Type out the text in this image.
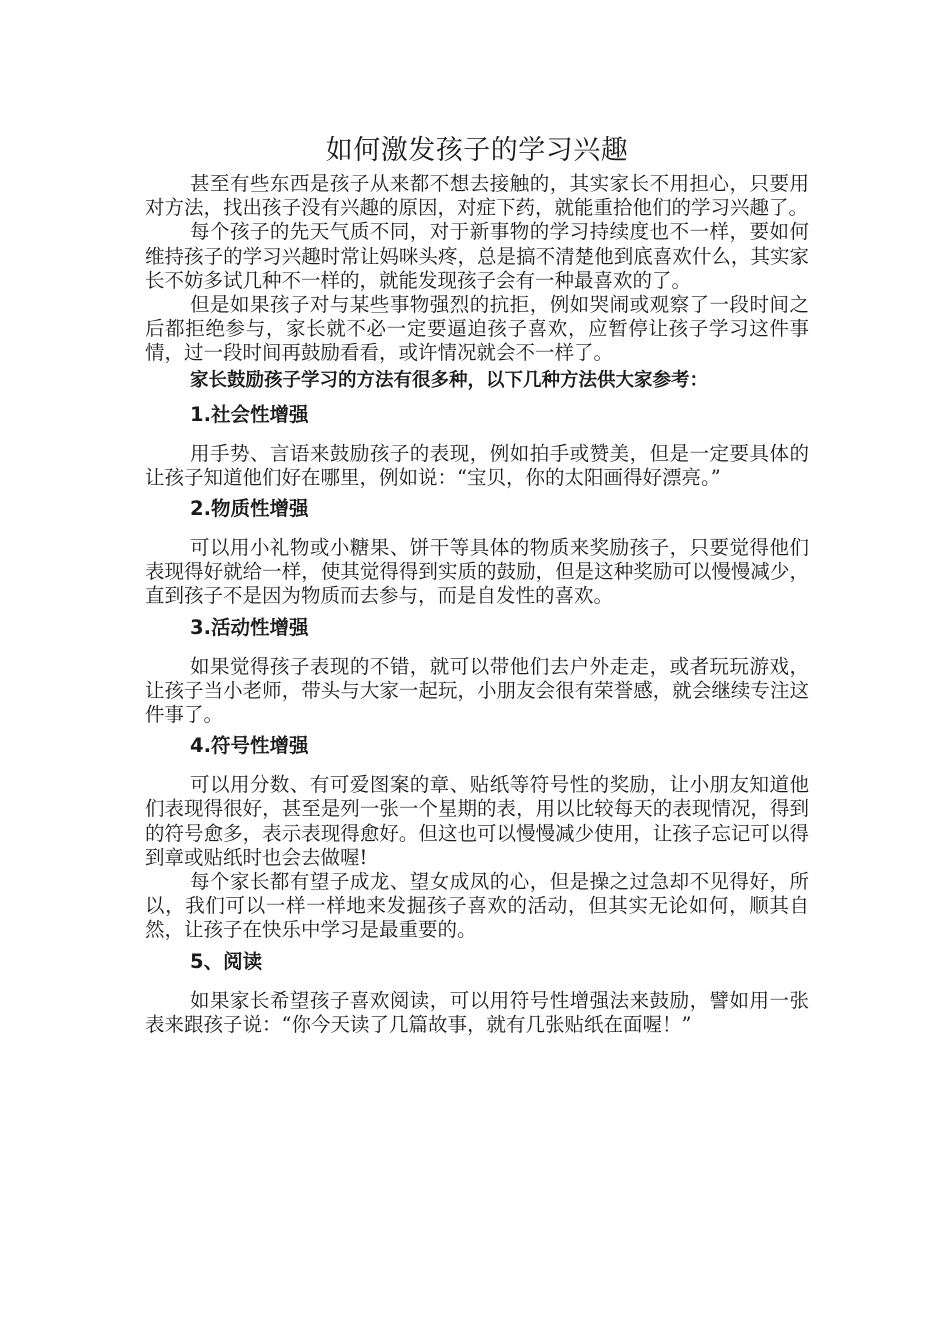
如何激发孩子的学习兴趣

甚至有些东西是孩子从来都不想去接触的，其实家长不用担心，只要用对方法，找出孩子没有兴趣的原因，对症下药，就能重拾他们的学习兴趣了。

每个孩子的先天气质不同，对于新事物的学习持续度也不一样，要如何维持孩子的学习兴趣时常让妈咪头疼，总是搞不清楚他到底喜欢什么，其实家长不妨多试几种不一样的，就能发现孩子会有一种最喜欢的了。

但是如果孩子对与某些事物强烈的抗拒，例如哭闹或观察了一段时间之后都拒绝参与，家长就不必一定要逼迫孩子喜欢，应暂停让孩子学习这件事情，过一段时间再鼓励看看，或许情况就会不一样了。

家长鼓励孩子学习的方法有很多种，以下几种方法供大家参考：

1.社会性增强

用手势、言语来鼓励孩子的表现，例如拍手或赞美，但是一定要具体的让孩子知道他们好在哪里，例如说：“宝贝，你的太阳画得好漂亮。”

2.物质性增强

可以用小礼物或小糖果、饼干等具体的物质来奖励孩子，只要觉得他们表现得好就给一样，使其觉得得到实质的鼓励，但是这种奖励可以慢慢减少，直到孩子不是因为物质而去参与，而是自发性的喜欢。

3.活动性增强

如果觉得孩子表现的不错，就可以带他们去户外走走，或者玩玩游戏，让孩子当小老师，带头与大家一起玩，小朋友会很有荣誉感，就会继续专注这件事了。

4.符号性增强

可以用分数、有可爱图案的章、贴纸等符号性的奖励，让小朋友知道他们表现得很好，甚至是列一张一个星期的表，用以比较每天的表现情况，得到的符号愈多，表示表现得愈好。但这也可以慢慢减少使用，让孩子忘记可以得到章或贴纸时也会去做喔!

每个家长都有望子成龙、望女成凤的心，但是操之过急却不见得好，所以，我们可以一样一样地来发掘孩子喜欢的活动，但其实无论如何，顺其自然，让孩子在快乐中学习是最重要的。

5、阅读

如果家长希望孩子喜欢阅读，可以用符号性增强法来鼓励，譬如用一张表来跟孩子说：“你今天读了几篇故事，就有几张贴纸在面喔！”
